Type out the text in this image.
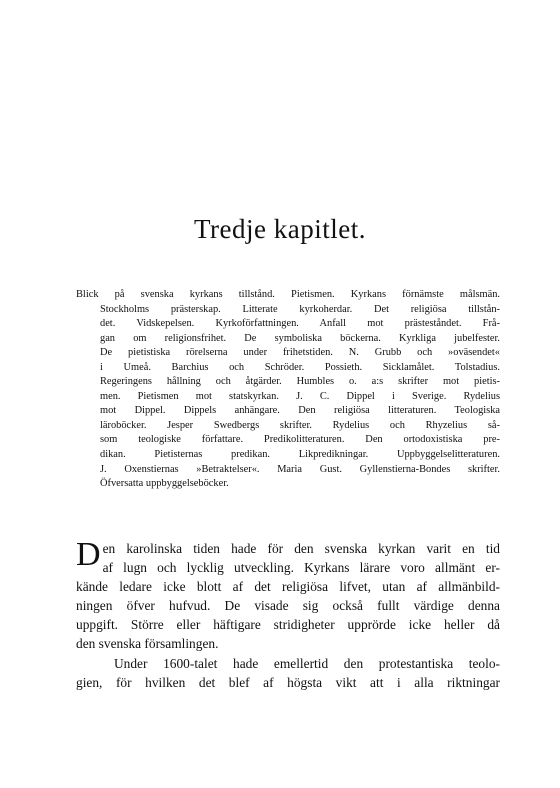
Tredje kapitlet.
Blick på svenska kyrkans tillstånd. Pietismen. Kyrkans förnämste målsmän.
Stockholms prästerskap. Litterate kyrkoherdar. Det religiösa tillstån-
det. Vidskepelsen. Kyrkoförfattningen. Anfall mot prästeståndet. Frå-
gan om religionsfrihet. De symboliska böckerna. Kyrkliga jubelfester.
De pietistiska rörelserna under frihetstiden. N. Grubb och »oväsendet«
i Umeå. Barchius och Schröder. Possieth. Sicklamålet. Tolstadius.
Regeringens hållning och åtgärder. Humbles o. a:s skrifter mot pietis-
men. Pietismen mot statskyrkan. J. C. Dippel i Sverige. Rydelius
mot Dippel. Dippels anhängare. Den religiösa litteraturen. Teologiska
läroböcker. Jesper Swedbergs skrifter. Rydelius och Rhyzelius så-
som teologiske författare. Predikolitteraturen. Den ortodoxistiska pre-
dikan. Pietisternas predikan. Likpredikningar. Uppbyggelselitteraturen.
J. Oxenstiernas »Betraktelser«. Maria Gust. Gyllenstierna-Bondes skrifter.
Öfversatta uppbyggelseböcker.
D en karolinska tiden hade för den svenska kyrkan varit en tid
af lugn och lycklig utveckling. Kyrkans lärare voro allmänt er-
kände ledare icke blott af det religiösa lifvet, utan af allmänbild-
ningen öfver hufvud. De visade sig också fullt värdige denna
uppgift. Större eller häftigare stridigheter upprörde icke heller då
den svenska församlingen.
Under 1600-talet hade emellertid den protestantiska teolo-
gien, för hvilken det blef af högsta vikt att i alla riktningar
